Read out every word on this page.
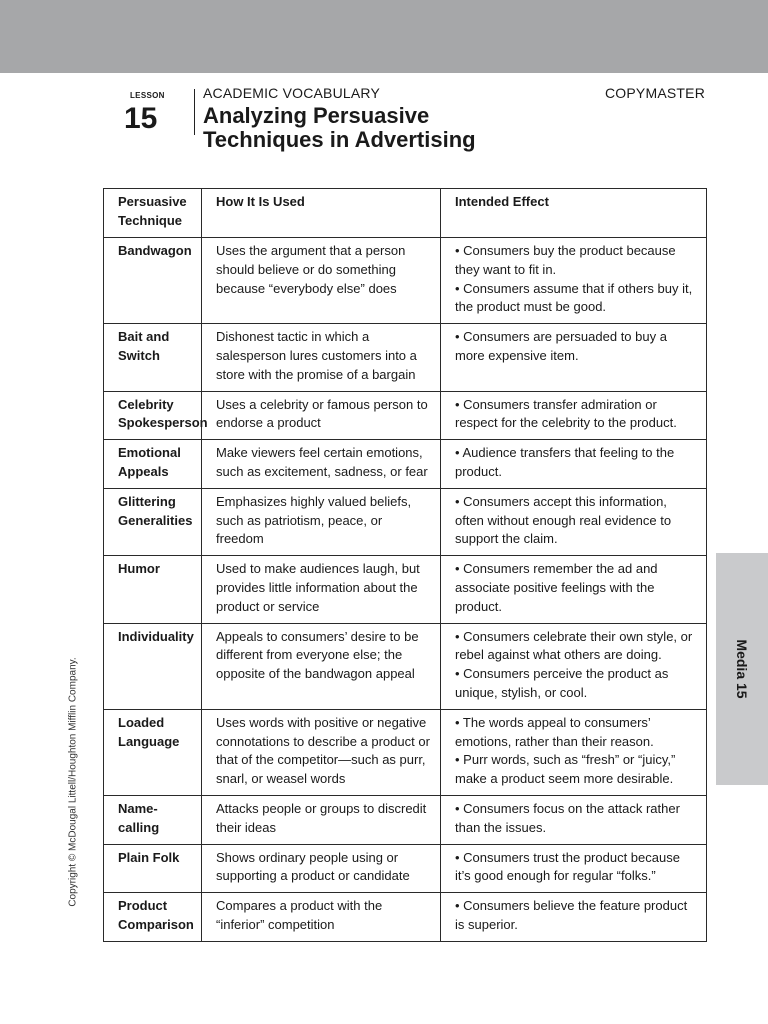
LESSON
15
ACADEMIC VOCABULARY	COPYMASTER
Analyzing Persuasive
Techniques in Advertising
Persuasive Technique	How It Is Used	Intended Effect
Bandwagon	Uses the argument that a person should believe or do something because “everybody else” does	• Consumers buy the product because they want to fit in.
• Consumers assume that if others buy it, the product must be good.

Bait and Switch	Dishonest tactic in which a salesperson lures customers into a store with the promise of a bargain	• Consumers are persuaded to buy a more expensive item.

Celebrity Spokesperson	Uses a celebrity or famous person to endorse a product	• Consumers transfer admiration or respect for the celebrity to the product.

Emotional Appeals	Make viewers feel certain emotions, such as excitement, sadness, or fear	• Audience transfers that feeling to the product.

Glittering Generalities	Emphasizes highly valued beliefs, such as patriotism, peace, or freedom	• Consumers accept this information, often without enough real evidence to support the claim.

Humor	Used to make audiences laugh, but provides little information about the product or service	• Consumers remember the ad and associate positive feelings with the product.

Individuality	Appeals to consumers’ desire to be different from everyone else; the opposite of the bandwagon appeal	• Consumers celebrate their own style, or rebel against what others are doing.
• Consumers perceive the product as unique, stylish, or cool.

Loaded Language	Uses words with positive or negative connotations to describe a product or that of the competitor—such as purr, snarl, or weasel words	• The words appeal to consumers’ emotions, rather than their reason.
• Purr words, such as “fresh” or “juicy,” make a product seem more desirable.

Name-calling	Attacks people or groups to discredit their ideas	• Consumers focus on the attack rather than the issues.

Plain Folk	Shows ordinary people using or supporting a product or candidate	• Consumers trust the product because it’s good enough for regular “folks.”

Product Comparison	Compares a product with the “inferior” competition	• Consumers believe the feature product is superior.
Media 15
Copyright © McDougal Littell/Houghton Mifflin Company.
